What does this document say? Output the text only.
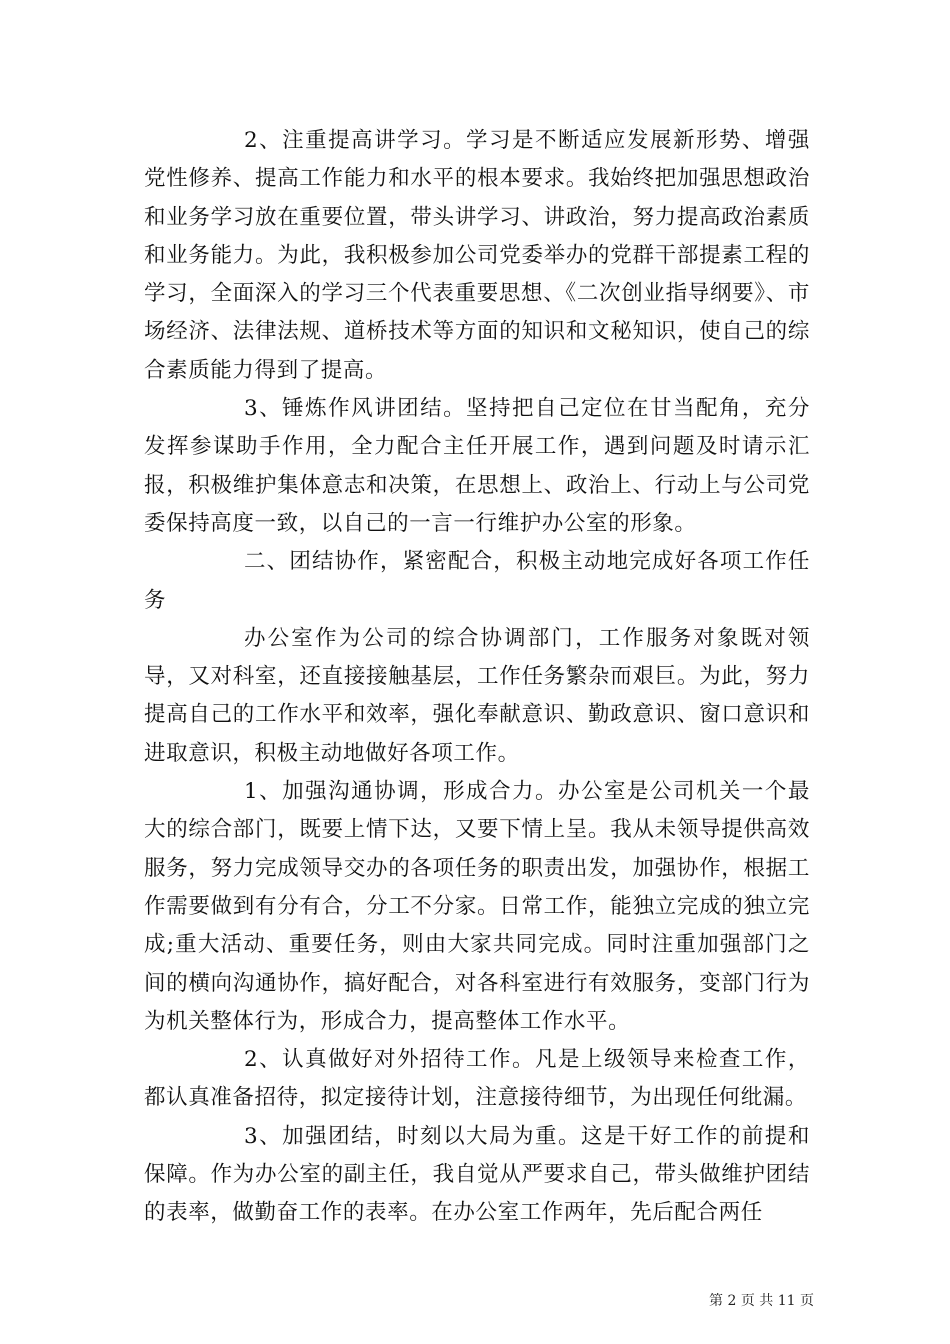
2、注重提高讲学习。学习是不断适应发展新形势、增强党性修养、提高工作能力和水平的根本要求。我始终把加强思想政治和业务学习放在重要位置，带头讲学习、讲政治，努力提高政治素质和业务能力。为此，我积极参加公司党委举办的党群干部提素工程的学习，全面深入的学习三个代表重要思想、《二次创业指导纲要》、市场经济、法律法规、道桥技术等方面的知识和文秘知识，使自己的综合素质能力得到了提高。

3、锤炼作风讲团结。坚持把自己定位在甘当配角，充分发挥参谋助手作用，全力配合主任开展工作，遇到问题及时请示汇报，积极维护集体意志和决策，在思想上、政治上、行动上与公司党委保持高度一致，以自己的一言一行维护办公室的形象。

二、团结协作，紧密配合，积极主动地完成好各项工作任务

办公室作为公司的综合协调部门，工作服务对象既对领导，又对科室，还直接接触基层，工作任务繁杂而艰巨。为此，努力提高自己的工作水平和效率，强化奉献意识、勤政意识、窗口意识和进取意识，积极主动地做好各项工作。

1、加强沟通协调，形成合力。办公室是公司机关一个最大的综合部门，既要上情下达，又要下情上呈。我从未领导提供高效服务，努力完成领导交办的各项任务的职责出发，加强协作，根据工作需要做到有分有合，分工不分家。日常工作，能独立完成的独立完成;重大活动、重要任务，则由大家共同完成。同时注重加强部门之间的横向沟通协作，搞好配合，对各科室进行有效服务，变部门行为为机关整体行为，形成合力，提高整体工作水平。

2、认真做好对外招待工作。凡是上级领导来检查工作，都认真准备招待，拟定接待计划，注意接待细节，为出现任何纰漏。

3、加强团结，时刻以大局为重。这是干好工作的前提和保障。作为办公室的副主任，我自觉从严要求自己，带头做维护团结的表率，做勤奋工作的表率。在办公室工作两年，先后配合两任

第 2 页 共 11 页
